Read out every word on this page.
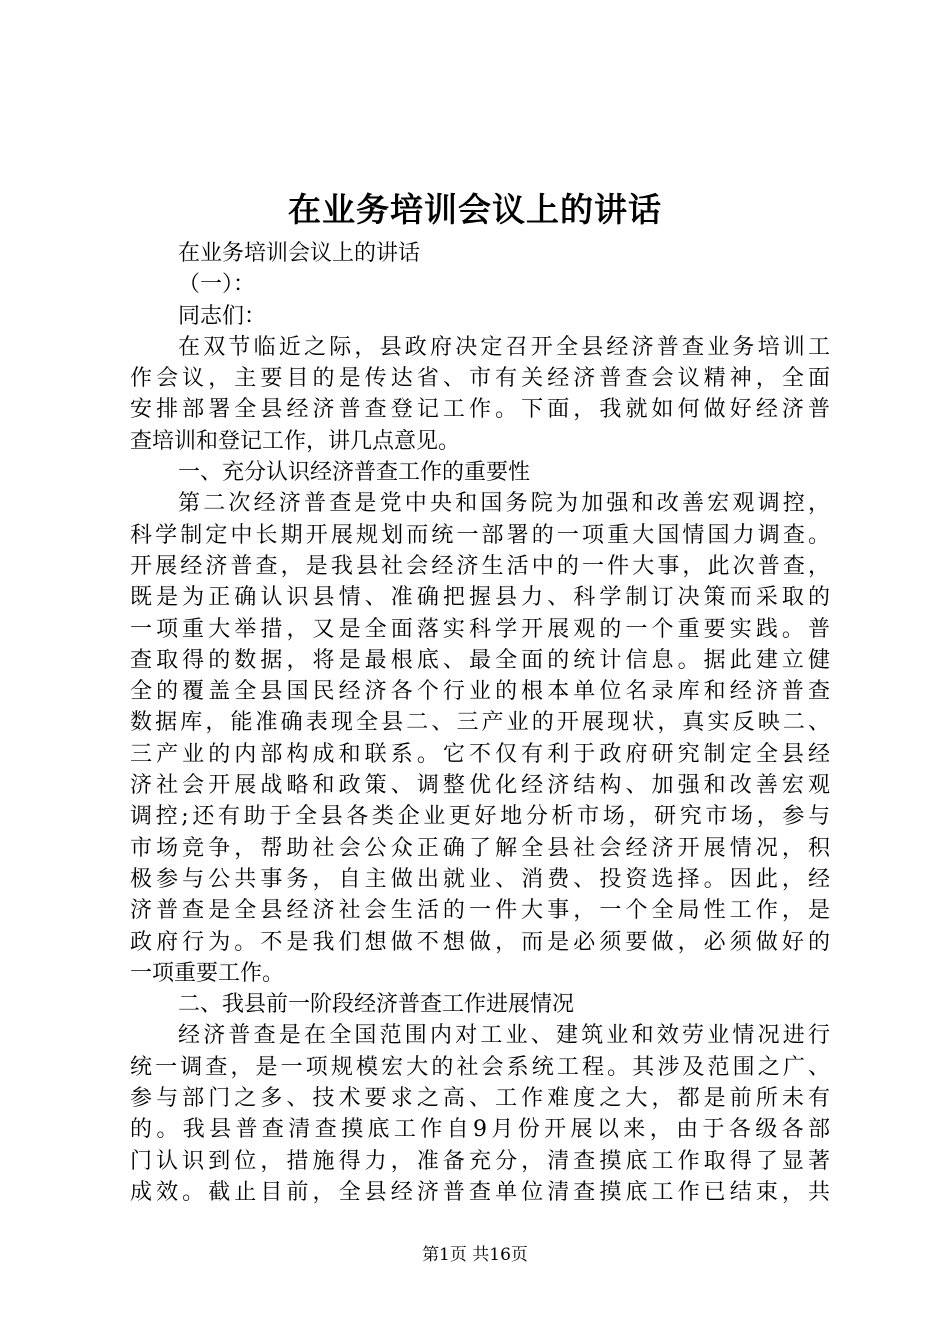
在业务培训会议上的讲话
在业务培训会议上的讲话
（一）：
同志们：
在双节临近之际，县政府决定召开全县经济普查业务培训工
作会议，主要目的是传达省、市有关经济普查会议精神，全面
安排部署全县经济普查登记工作。下面，我就如何做好经济普
查培训和登记工作，讲几点意见。
一、充分认识经济普查工作的重要性
第二次经济普查是党中央和国务院为加强和改善宏观调控，
科学制定中长期开展规划而统一部署的一项重大国情国力调查。
开展经济普查，是我县社会经济生活中的一件大事，此次普查，
既是为正确认识县情、准确把握县力、科学制订决策而采取的
一项重大举措，又是全面落实科学开展观的一个重要实践。普
查取得的数据，将是最根底、最全面的统计信息。据此建立健
全的覆盖全县国民经济各个行业的根本单位名录库和经济普查
数据库，能准确表现全县二、三产业的开展现状，真实反映二、
三产业的内部构成和联系。它不仅有利于政府研究制定全县经
济社会开展战略和政策、调整优化经济结构、加强和改善宏观
调控;还有助于全县各类企业更好地分析市场，研究市场，参与
市场竞争，帮助社会公众正确了解全县社会经济开展情况，积
极参与公共事务，自主做出就业、消费、投资选择。因此，经
济普查是全县经济社会生活的一件大事，一个全局性工作，是
政府行为。不是我们想做不想做，而是必须要做，必须做好的
一项重要工作。
二、我县前一阶段经济普查工作进展情况
经济普查是在全国范围内对工业、建筑业和效劳业情况进行
统一调查，是一项规模宏大的社会系统工程。其涉及范围之广、
参与部门之多、技术要求之高、工作难度之大，都是前所未有
的。我县普查清查摸底工作自9月份开展以来，由于各级各部
门认识到位，措施得力，准备充分，清查摸底工作取得了显著
成效。截止目前，全县经济普查单位清查摸底工作已结束，共
第1页 共16页
